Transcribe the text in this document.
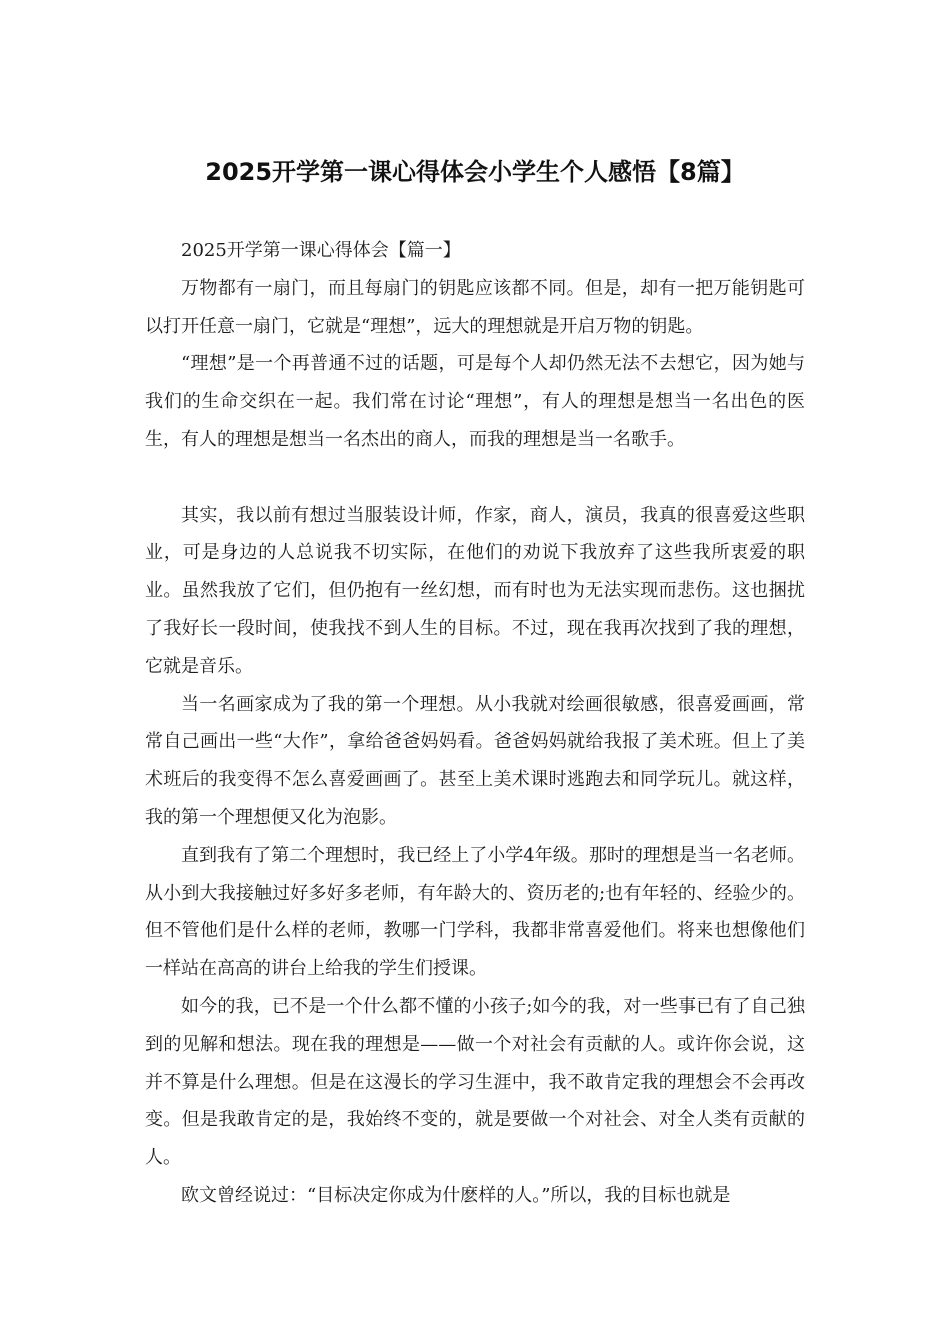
2025开学第一课心得体会小学生个人感悟【8篇】

2025开学第一课心得体会【篇一】

万物都有一扇门，而且每扇门的钥匙应该都不同。但是，却有一把万能钥匙可以打开任意一扇门，它就是“理想”，远大的理想就是开启万物的钥匙。

“理想”是一个再普通不过的话题，可是每个人却仍然无法不去想它，因为她与我们的生命交织在一起。我们常在讨论“理想”，有人的理想是想当一名出色的医生，有人的理想是想当一名杰出的商人，而我的理想是当一名歌手。

其实，我以前有想过当服装设计师，作家，商人，演员，我真的很喜爱这些职业，可是身边的人总说我不切实际，在他们的劝说下我放弃了这些我所衷爱的职业。虽然我放了它们，但仍抱有一丝幻想，而有时也为无法实现而悲伤。这也捆扰了我好长一段时间，使我找不到人生的目标。不过，现在我再次找到了我的理想，它就是音乐。

当一名画家成为了我的第一个理想。从小我就对绘画很敏感，很喜爱画画，常常自己画出一些“大作”，拿给爸爸妈妈看。爸爸妈妈就给我报了美术班。但上了美术班后的我变得不怎么喜爱画画了。甚至上美术课时逃跑去和同学玩儿。就这样，我的第一个理想便又化为泡影。

直到我有了第二个理想时，我已经上了小学4年级。那时的理想是当一名老师。从小到大我接触过好多好多老师，有年龄大的、资历老的;也有年轻的、经验少的。但不管他们是什么样的老师，教哪一门学科，我都非常喜爱他们。将来也想像他们一样站在高高的讲台上给我的学生们授课。

如今的我，已不是一个什么都不懂的小孩子;如今的我，对一些事已有了自己独到的见解和想法。现在我的理想是——做一个对社会有贡献的人。或许你会说，这并不算是什么理想。但是在这漫长的学习生涯中，我不敢肯定我的理想会不会再改变。但是我敢肯定的是，我始终不变的，就是要做一个对社会、对全人类有贡献的人。

欧文曾经说过：“目标决定你成为什麽样的人。”所以，我的目标也就是
